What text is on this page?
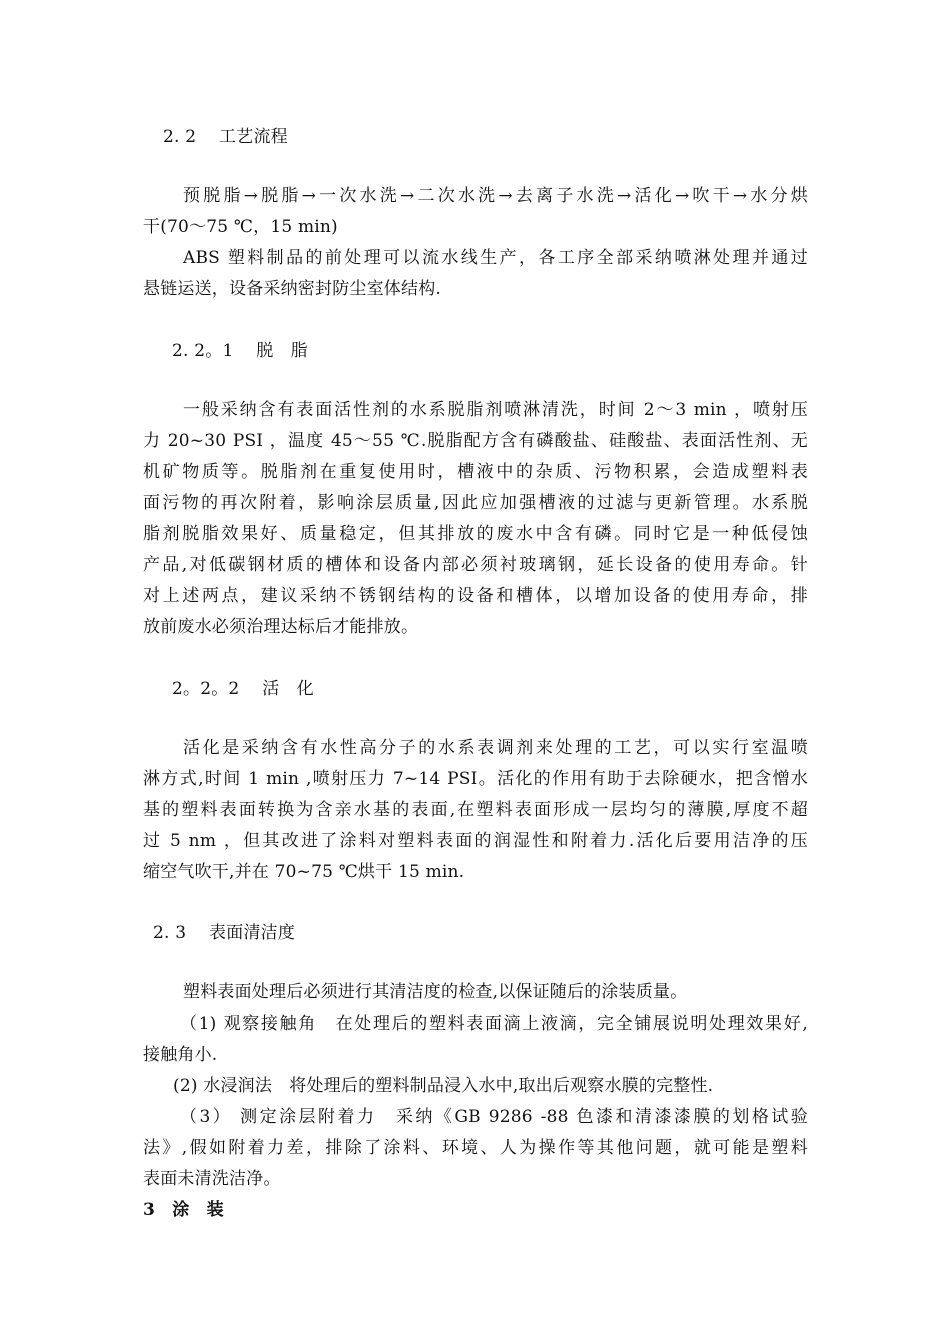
2. 2　 工艺流程
预脱脂→脱脂→一次水洗→二次水洗→去离子水洗→活化→吹干→水分烘
干(70～75 ℃，15 min)
ABS 塑料制品的前处理可以流水线生产，各工序全部采纳喷淋处理并通过
悬链运送，设备采纳密封防尘室体结构.
2. 2。1　 脱　脂
一般采纳含有表面活性剂的水系脱脂剂喷淋清洗，时间 2～3 min ，喷射压
力 20~30 PSI ，温度 45～55 ℃.脱脂配方含有磷酸盐、硅酸盐、表面活性剂、无
机矿物质等。脱脂剂在重复使用时，槽液中的杂质、污物积累，会造成塑料表
面污物的再次附着，影响涂层质量,因此应加强槽液的过滤与更新管理。水系脱
脂剂脱脂效果好、质量稳定，但其排放的废水中含有磷。同时它是一种低侵蚀
产品,对低碳钢材质的槽体和设备内部必须衬玻璃钢，延长设备的使用寿命。针
对上述两点，建议采纳不锈钢结构的设备和槽体，以增加设备的使用寿命，排
放前废水必须治理达标后才能排放。
2。2。2　 活　化
活化是采纳含有水性高分子的水系表调剂来处理的工艺，可以实行室温喷
淋方式,时间 1 min ,喷射压力 7~14 PSI。活化的作用有助于去除硬水，把含憎水
基的塑料表面转换为含亲水基的表面,在塑料表面形成一层均匀的薄膜,厚度不超
过 5 nm ，但其改进了涂料对塑料表面的润湿性和附着力.活化后要用洁净的压
缩空气吹干,并在 70~75 ℃烘干 15 min.
2. 3　 表面清洁度
塑料表面处理后必须进行其清洁度的检查,以保证随后的涂装质量。
（1) 观察接触角　在处理后的塑料表面滴上液滴，完全铺展说明处理效果好,
接触角小.
(2) 水浸润法　将处理后的塑料制品浸入水中,取出后观察水膜的完整性.
（3） 测定涂层附着力　采纳《GB 9286 -88 色漆和清漆漆膜的划格试验
法》,假如附着力差，排除了涂料、环境、人为操作等其他问题，就可能是塑料
表面未清洗洁净。
3　涂　装
